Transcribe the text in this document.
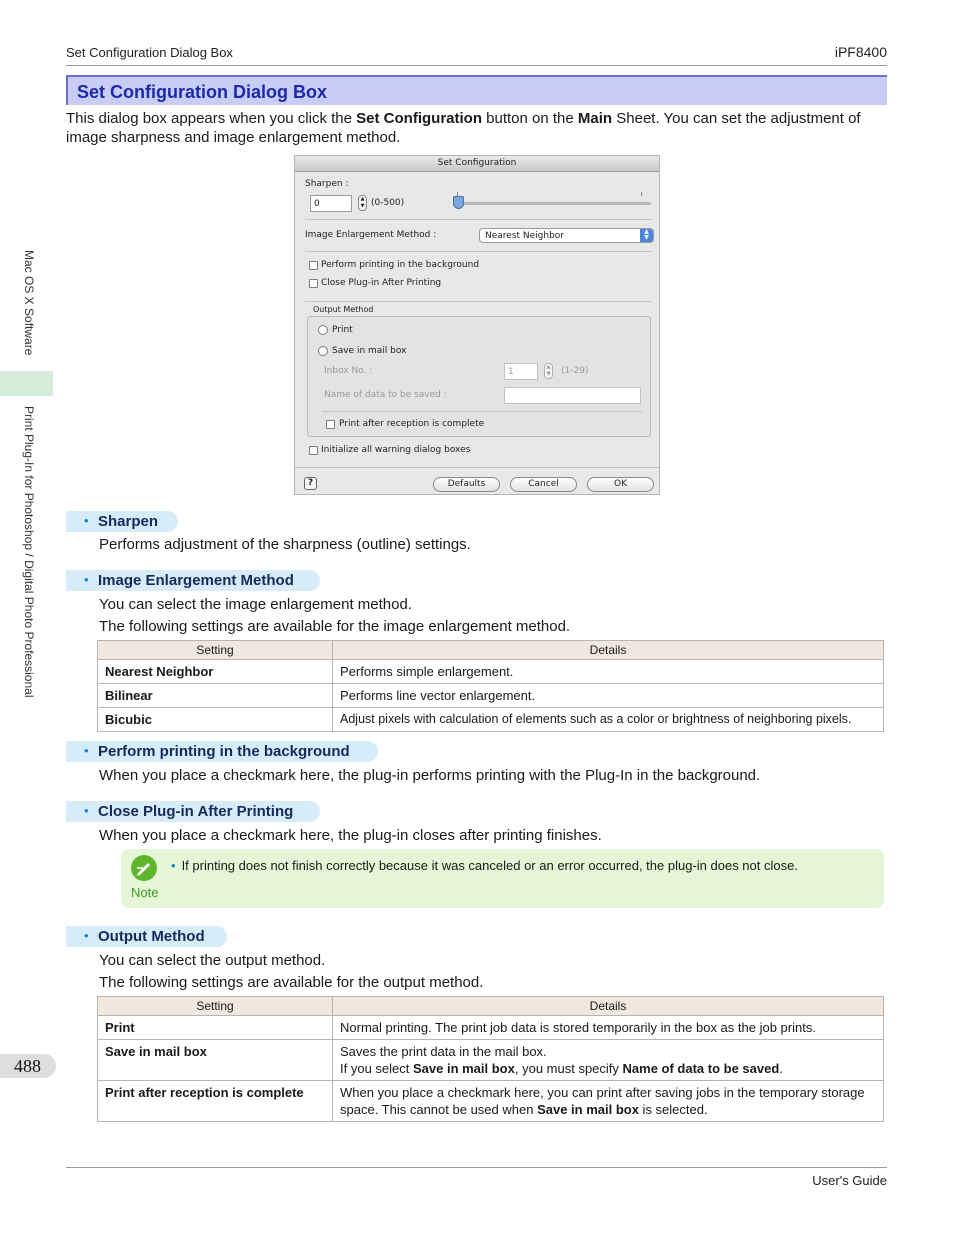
Set Configuration Dialog Box	iPF8400
Mac OS X Software
Print Plug-In for Photoshop / Digital Photo Professional
488
Set Configuration Dialog Box
This dialog box appears when you click the Set Configuration button on the Main Sheet. You can set the adjustment of image sharpness and image enlargement method.
Set Configuration
Sharpen :
0	▲
▼ (0-500)
Image Enlargement Method :	Nearest Neighbor	▲
▼
Perform printing in the background
Close Plug-in After Printing
Output Method
Print
Save in mail box
Inbox No. :	1	▲
▼ (1-29)
Name of data to be saved :
Print after reception is complete
Initialize all warning dialog boxes
?	Defaults	Cancel	OK
• Sharpen
Performs adjustment of the sharpness (outline) settings.
• Image Enlargement Method
You can select the image enlargement method.
The following settings are available for the image enlargement method.
Setting	Details
Nearest Neighbor	Performs simple enlargement.
Bilinear	Performs line vector enlargement.
Bicubic	Adjust pixels with calculation of elements such as a color or brightness of neighboring pixels.
• Perform printing in the background
When you place a checkmark here, the plug-in performs printing with the Plug-In in the background.
• Close Plug-in After Printing
When you place a checkmark here, the plug-in closes after printing finishes.
Note
• If printing does not finish correctly because it was canceled or an error occurred, the plug-in does not close.
• Output Method
You can select the output method.
The following settings are available for the output method.
Setting	Details
Print	Normal printing. The print job data is stored temporarily in the box as the job prints.
Save in mail box	Saves the print data in the mail box.
If you select Save in mail box, you must specify Name of data to be saved.
Print after reception is complete	When you place a checkmark here, you can print after saving jobs in the temporary storage space. This cannot be used when Save in mail box is selected.
User's Guide
